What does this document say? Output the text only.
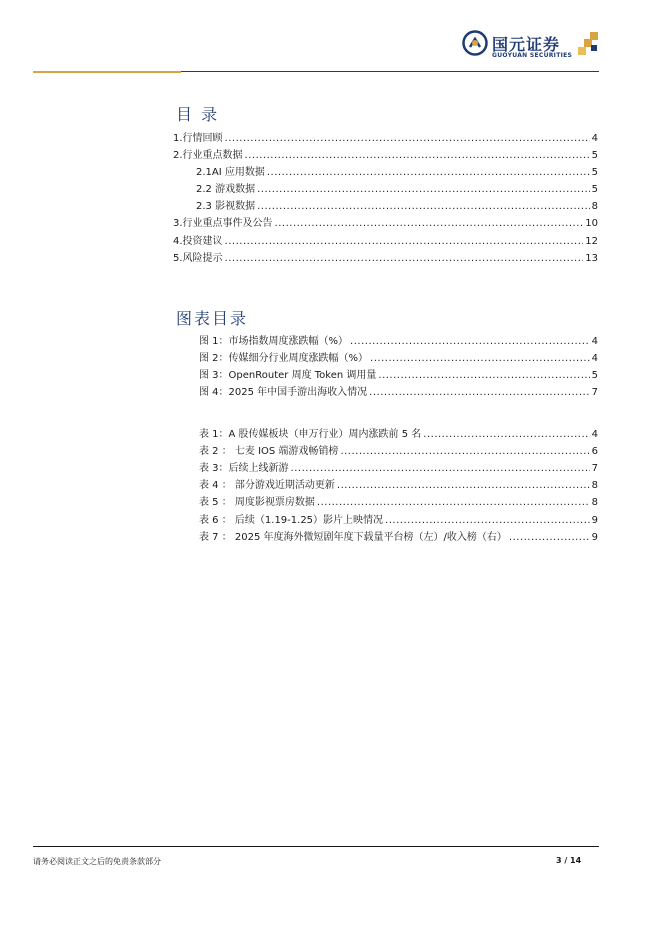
国元证券
GUOYUAN SECURITIES
目 录
1.行情回顾 .....	4
2.行业重点数据 .....	5
2.1AI 应用数据 .....	5
2.2 游戏数据 .....	5
2.3 影视数据 .....	8
3.行业重点事件及公告 .....	10
4.投资建议 .....	12
5.风险提示 .....	13
图表目录
图 1：市场指数周度涨跌幅（%） .....	4
图 2：传媒细分行业周度涨跌幅（%） .....	4
图 3：OpenRouter 周度 Token 调用量 .....	5
图 4：2025 年中国手游出海收入情况 .....	7
表 1：A 股传媒板块（申万行业）周内涨跌前 5 名 .....	4
表 2 ： 七麦 IOS 端游戏畅销榜 .....	6
表 3：后续上线新游 .....	7
表 4 ： 部分游戏近期活动更新 .....	8
表 5 ： 周度影视票房数据 .....	8
表 6 ： 后续（1.19-1.25）影片上映情况 .....	9
表 7 ： 2025 年度海外微短剧年度下载量平台榜（左）/收入榜（右） .....	9
请务必阅读正文之后的免责条款部分	3 / 14
